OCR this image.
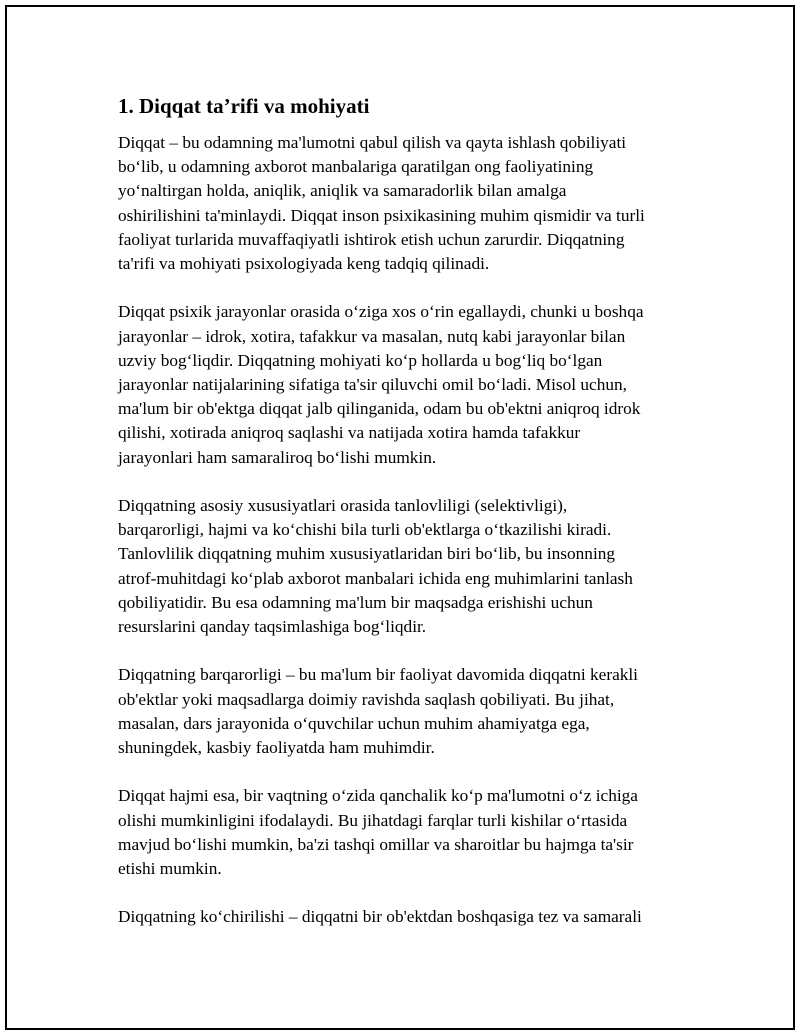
1. Diqqat ta’rifi va mohiyati

Diqqat – bu odamning ma'lumotni qabul qilish va qayta ishlash qobiliyati
bo‘lib, u odamning axborot manbalariga qaratilgan ong faoliyatining
yo‘naltirgan holda, aniqlik, aniqlik va samaradorlik bilan amalga
oshirilishini ta'minlaydi. Diqqat inson psixikasining muhim qismidir va turli
faoliyat turlarida muvaffaqiyatli ishtirok etish uchun zarurdir. Diqqatning
ta'rifi va mohiyati psixologiyada keng tadqiq qilinadi.

Diqqat psixik jarayonlar orasida o‘ziga xos o‘rin egallaydi, chunki u boshqa
jarayonlar – idrok, xotira, tafakkur va masalan, nutq kabi jarayonlar bilan
uzviy bog‘liqdir. Diqqatning mohiyati ko‘p hollarda u bog‘liq bo‘lgan
jarayonlar natijalarining sifatiga ta'sir qiluvchi omil bo‘ladi. Misol uchun,
ma'lum bir ob'ektga diqqat jalb qilinganida, odam bu ob'ektni aniqroq idrok
qilishi, xotirada aniqroq saqlashi va natijada xotira hamda tafakkur
jarayonlari ham samaraliroq bo‘lishi mumkin.

Diqqatning asosiy xususiyatlari orasida tanlovliligi (selektivligi),
barqarorligi, hajmi va ko‘chishi bila turli ob'ektlarga o‘tkazilishi kiradi.
Tanlovlilik diqqatning muhim xususiyatlaridan biri bo‘lib, bu insonning
atrof-muhitdagi ko‘plab axborot manbalari ichida eng muhimlarini tanlash
qobiliyatidir. Bu esa odamning ma'lum bir maqsadga erishishi uchun
resurslarini qanday taqsimlashiga bog‘liqdir.

Diqqatning barqarorligi – bu ma'lum bir faoliyat davomida diqqatni kerakli
ob'ektlar yoki maqsadlarga doimiy ravishda saqlash qobiliyati. Bu jihat,
masalan, dars jarayonida o‘quvchilar uchun muhim ahamiyatga ega,
shuningdek, kasbiy faoliyatda ham muhimdir.

Diqqat hajmi esa, bir vaqtning o‘zida qanchalik ko‘p ma'lumotni o‘z ichiga
olishi mumkinligini ifodalaydi. Bu jihatdagi farqlar turli kishilar o‘rtasida
mavjud bo‘lishi mumkin, ba'zi tashqi omillar va sharoitlar bu hajmga ta'sir
etishi mumkin.

Diqqatning ko‘chirilishi – diqqatni bir ob'ektdan boshqasiga tez va samarali
